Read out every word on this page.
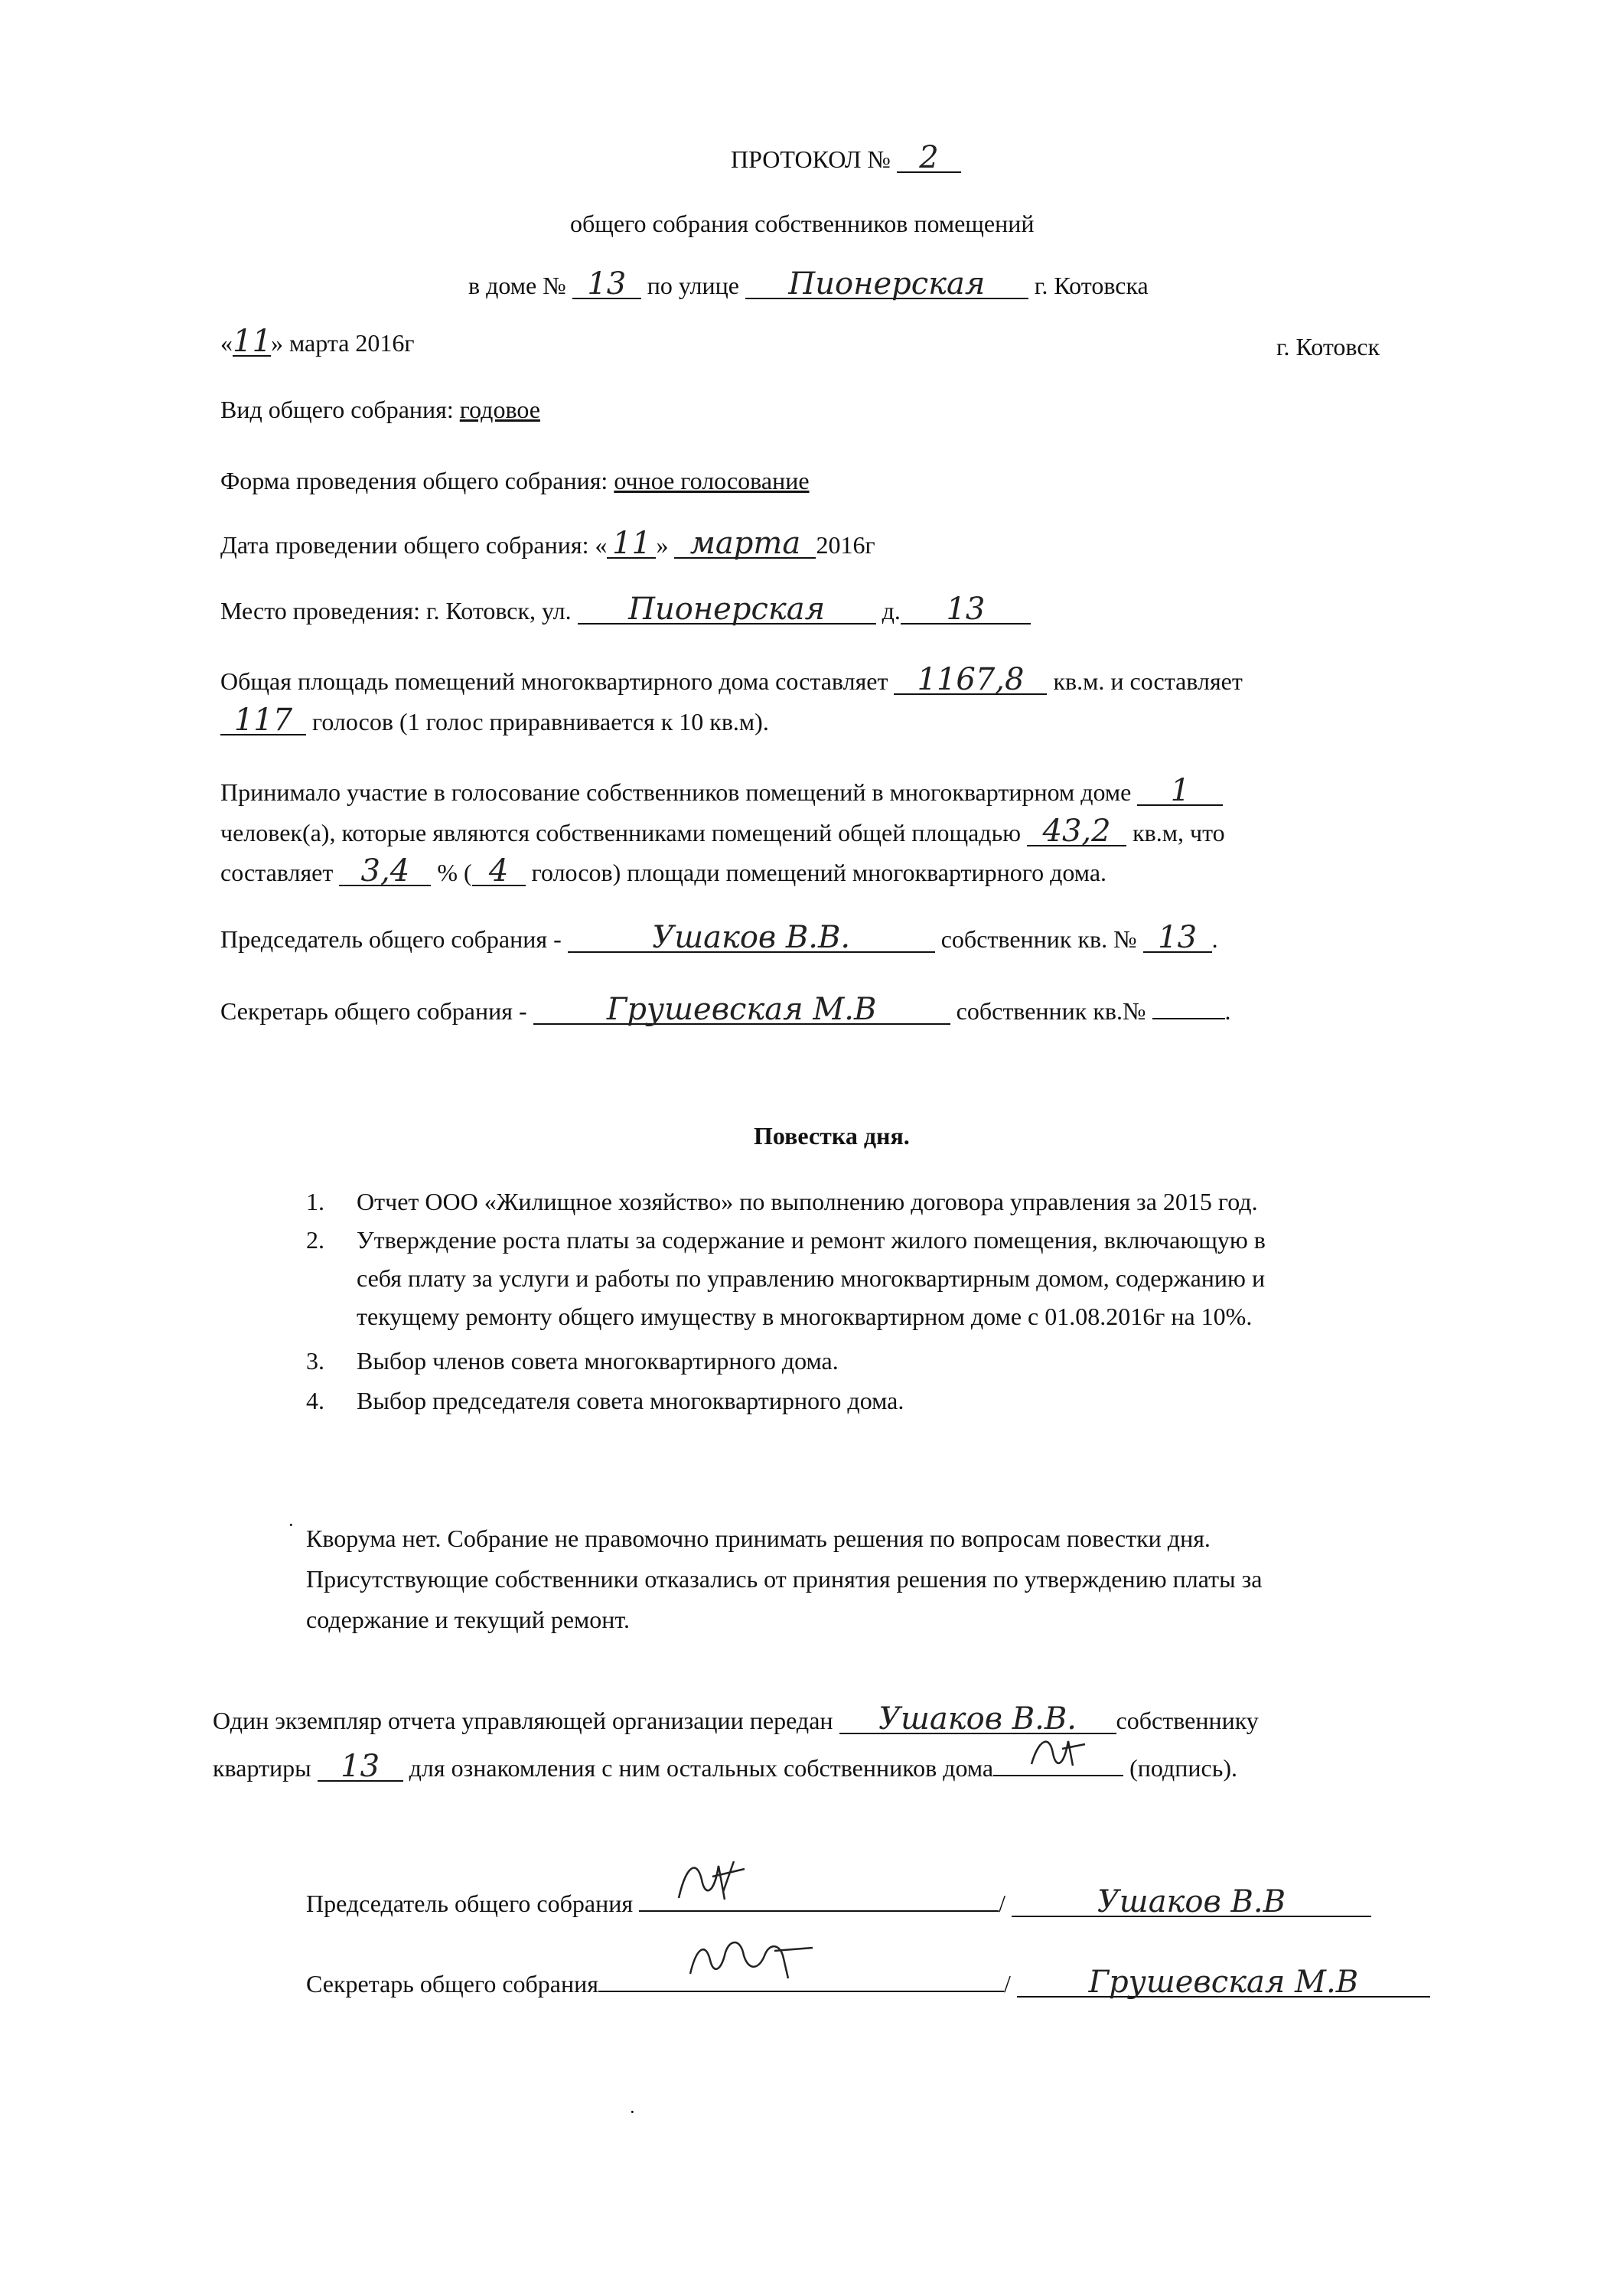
ПРОТОКОЛ № 2
общего собрания собственников помещений
в доме № 13 по улице Пионерская г. Котовска
«11» марта 2016г	г. Котовск
Вид общего собрания: годовое
Форма проведения общего собрания: очное голосование
Дата проведении общего собрания: « 11 » марта 2016г
Место проведения: г. Котовск, ул. Пионерская д. 13
Общая площадь помещений многоквартирного дома составляет 1167,8 кв.м. и составляет
117 голосов (1 голос приравнивается к 10 кв.м).
Принимало участие в голосование собственников помещений в многоквартирном доме 1
человек(а), которые являются собственниками помещений общей площадью 43,2 кв.м, что
составляет 3,4 % ( 4 голосов) площади помещений многоквартирного дома.
Председатель общего собрания -	Ушаков В.В.	собственник кв. № 13 .
Секретарь общего собрания -	Грушевская М.В	собственник кв.№	.
Повестка дня.
1. Отчет ООО «Жилищное хозяйство» по выполнению договора управления за 2015 год.
2. Утверждение роста платы за содержание и ремонт жилого помещения, включающую в
себя плату за услуги и работы по управлению многоквартирным домом, содержанию и
текущему ремонту общего имуществу в многоквартирном доме с 01.08.2016г на 10%.
3. Выбор членов совета многоквартирного дома.
4. Выбор председателя совета многоквартирного дома.
· Кворума нет. Собрание не правомочно принимать решения по вопросам повестки дня.
Присутствующие собственники отказались от принятия решения по утверждению платы за
содержание и текущий ремонт.
Один экземпляр отчета управляющей организации передан Ушаков В.В. собственнику
квартиры 13 для ознакомления с ним остальных собственников дома	(подпись).
Председатель общего собрания	/	Ушаков В.В
Секретарь общего собрания	/	Грушевская М.В
·
